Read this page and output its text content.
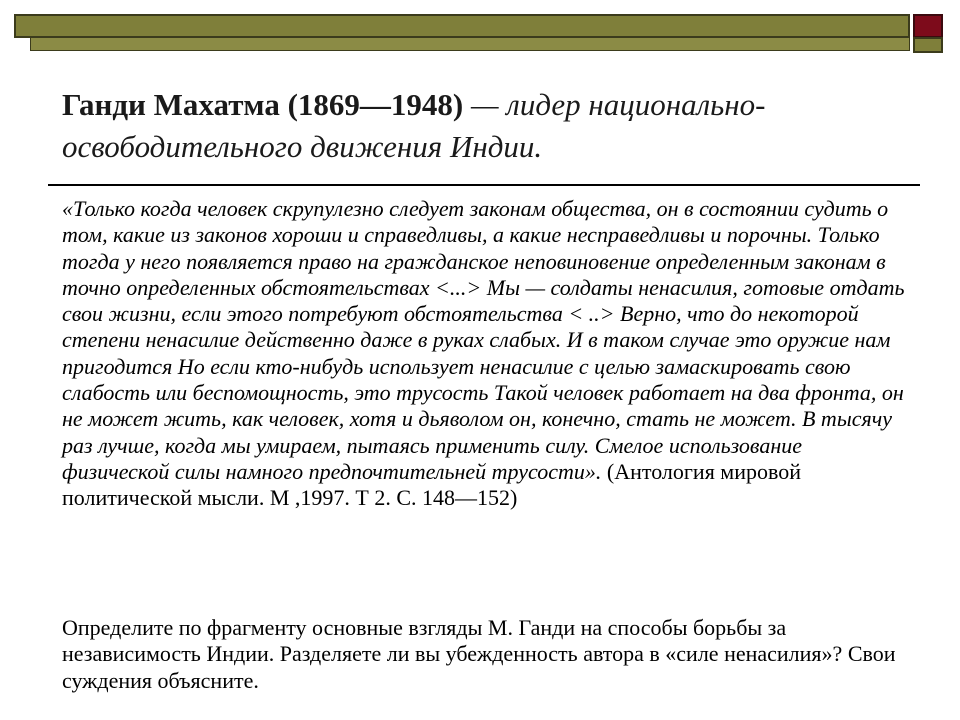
Ганди Махатма (1869—1948) — лидер национально-освободительного движения Индии.
«Только когда человек скрупулезно следует законам общества, он в состоянии судить о том, какие из законов хороши и справедливы, а какие несправедливы и порочны. Только тогда у него появляется право на гражданское неповиновение определенным законам в точно определенных обстоятельствах <...> Мы — солдаты ненасилия, готовые отдать свои жизни, если этого потребуют обстоятельства < ..> Верно, что до некоторой степени ненасилие действенно даже в руках слабых. И в таком случае это оружие нам пригодится Но если кто-нибудь использует ненасилие с целью замаскировать свою слабость или беспомощность, это трусость Такой человек работает на два фронта, он не может жить, как человек, хотя и дьяволом он, конечно, стать не может. В тысячу раз лучше, когда мы умираем, пытаясь применить силу. Смелое использование физической силы намного предпочтительней трусости». (Антология мировой политической мысли. М ,1997. Т 2. С. 148—152)
Определите по фрагменту основные взгляды М. Ганди на способы борьбы за независимость Индии. Разделяете ли вы убежденность автора в «силе ненасилия»? Свои суждения объясните.
